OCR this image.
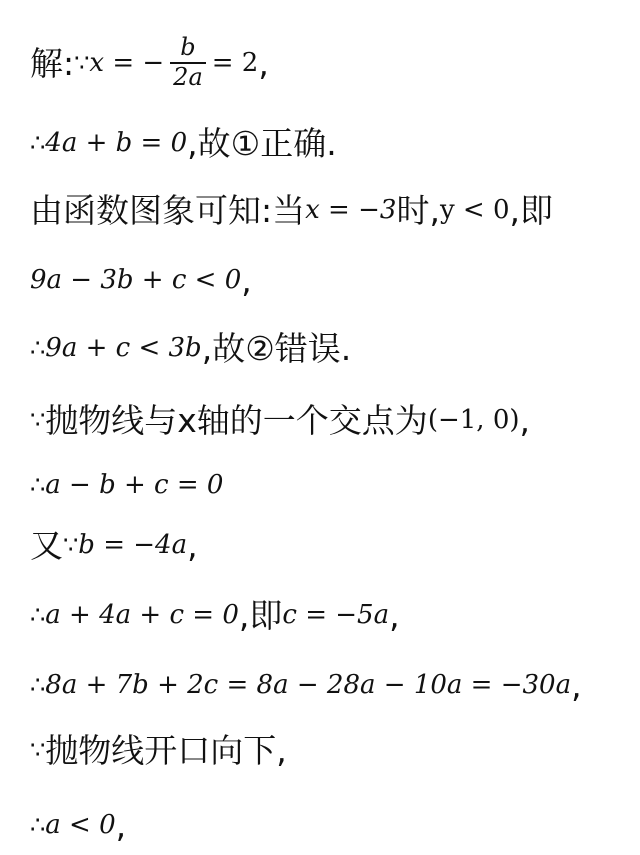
解: ∵ x = − $\frac{b}{2a} = 2$ ,
∴ 4a + b = 0 ,故①正确.
由函数图象可知:当 x = −3 时, y < 0 ,即
9a − 3b + c < 0 ,
∴ 9a + c < 3b ,故②错误.
∵ 抛物线与x轴的一个交点为 (−1, 0) ,
∴ a − b + c = 0
又 ∵ b = −4a ,
∴ a + 4a + c = 0 ,即 c = −5a ,
∴ 8a + 7b + 2c = 8a − 28a − 10a = −30a ,
∵ 抛物线开口向下,
∴ a < 0 ,
